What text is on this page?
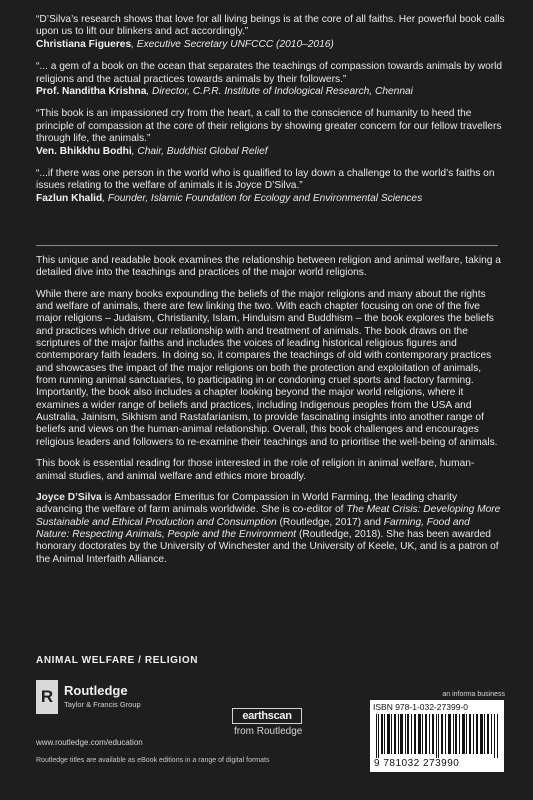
“D’Silva’s research shows that love for all living beings is at the core of all faiths. Her powerful book calls upon us to lift our blinkers and act accordingly.”

Christiana Figueres, Executive Secretary UNFCCC (2010–2016)

“... a gem of a book on the ocean that separates the teachings of compassion towards animals by world religions and the actual practices towards animals by their followers.”

Prof. Nanditha Krishna, Director, C.P.R. Institute of Indological Research, Chennai

“This book is an impassioned cry from the heart, a call to the conscience of humanity to heed the principle of compassion at the core of their religions by showing greater concern for our fellow travellers through life, the animals.”

Ven. Bhikkhu Bodhi, Chair, Buddhist Global Relief

“...if there was one person in the world who is qualified to lay down a challenge to the world’s faiths on issues relating to the welfare of animals it is Joyce D’Silva.”

Fazlun Khalid, Founder, Islamic Foundation for Ecology and Environmental Sciences

This unique and readable book examines the relationship between religion and animal welfare, taking a detailed dive into the teachings and practices of the major world religions.

While there are many books expounding the beliefs of the major religions and many about the rights and welfare of animals, there are few linking the two. With each chapter focusing on one of the five major religions – Judaism, Christianity, Islam, Hinduism and Buddhism – the book explores the beliefs and practices which drive our relationship with and treatment of animals. The book draws on the scriptures of the major faiths and includes the voices of leading historical religious figures and contemporary faith leaders. In doing so, it compares the teachings of old with contemporary practices and showcases the impact of the major religions on both the protection and exploitation of animals, from running animal sanctuaries, to participating in or condoning cruel sports and factory farming. Importantly, the book also includes a chapter looking beyond the major world religions, where it examines a wider range of beliefs and practices, including Indigenous peoples from the USA and Australia, Jainism, Sikhism and Rastafarianism, to provide fascinating insights into another range of beliefs and views on the human-animal relationship. Overall, this book challenges and encourages religious leaders and followers to re-examine their teachings and to prioritise the well-being of animals.

This book is essential reading for those interested in the role of religion in animal welfare, human-animal studies, and animal welfare and ethics more broadly.

Joyce D’Silva is Ambassador Emeritus for Compassion in World Farming, the leading charity advancing the welfare of farm animals worldwide. She is co-editor of The Meat Crisis: Developing More Sustainable and Ethical Production and Consumption (Routledge, 2017) and Farming, Food and Nature: Respecting Animals, People and the Environment (Routledge, 2018). She has been awarded honorary doctorates by the University of Winchester and the University of Keele, UK, and is a patron of the Animal Interfaith Alliance.

ANIMAL WELFARE / RELIGION
R Routledge
Taylor & Francis Group
www.routledge.com/education
earthscan
from Routledge
an informa business
ISBN 978-1-032-27399-0
9 781032 273990
Routledge titles are available as eBook editions in a range of digital formats
